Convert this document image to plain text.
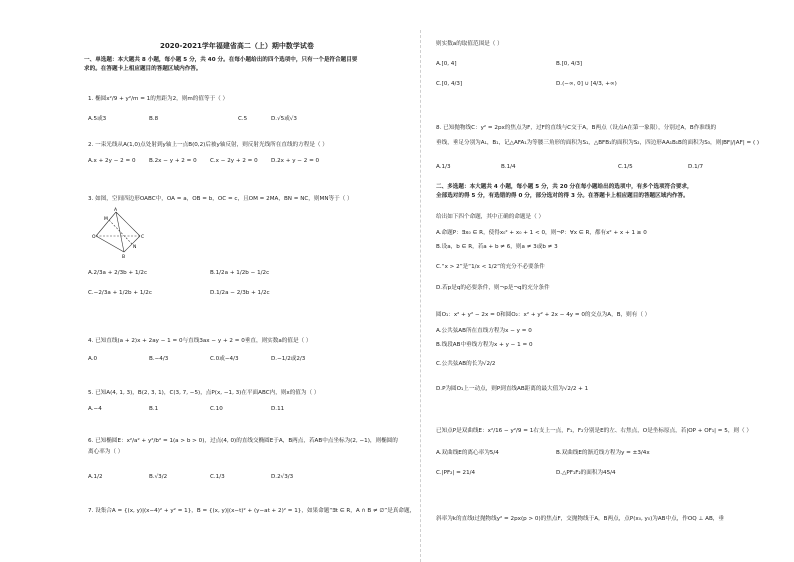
2020-2021学年福建省高二（上）期中数学试卷
一、单选题：本大题共 8 小题，每小题 5 分，共 40 分。在每小题给出的四个选项中，只有一个是符合题目要
求的。在答题卡上相应题目的答题区域内作答。
1. 椭圆x²/9 + y²/m = 1的焦距为2，则m的值等于（ ）
A.5或3	B.8	C.5	D.√5或√3
2. 一束光线从A(1,0)点处射到y轴上一点B(0,2)后被y轴反射，则反射光线所在直线的方程是（ ）
A.x + 2y − 2 = 0 B.2x − y + 2 = 0 C.x − 2y + 2 = 0 D.2x + y − 2 = 0
3. 如图，空间四边形OABC中，OA = a，OB = b，OC = c，且OM = 2MA，BN = NC，则MN等于（ ）
A
O	C
B
M
N
A.2/3a + 2/3b + 1/2c	B.1/2a + 1/2b − 1/2c
C.−2/3a + 1/2b + 1/2c	D.1/2a − 2/3b + 1/2c
4. 已知直线(a + 2)x + 2ay − 1 = 0与直线3ax − y + 2 = 0垂直，则实数a的值是（ ）
A.0	B.−4/3	C.0或−4/3	D.−1/2或2/3
5. 已知A(4, 1, 3)，B(2, 3, 1)，C(3, 7, −5)，点P(x, −1, 3)在平面ABC内，则x的值为（ ）
A.−4	B.1	C.10	D.11
6. 已知椭圆E：x²/a² + y²/b² = 1(a > b > 0)，过点(4, 0)的直线交椭圆E于A，B两点，若AB中点坐标为(2, −1)，则椭圆的
离心率为（ ）
A.1/2	B.√3/2	C.1/3	D.2√3/3
7. 设集合A = {(x, y)|(x−4)² + y² = 1}，B = {(x, y)|(x−t)² + (y−at + 2)² = 1}，如果命题“∃t ∈ R，A ∩ B ≠ ∅”是真命题，
则实数a的取值范围是（ ）
A.[0, 4]	B.[0, 4/3]
C.[0, 4/3]	D.(−∞, 0] ∪ [4/3, +∞)
8. 已知抛物线C：y² = 2px的焦点为F，过F的直线与C交于A，B两点（设点A在第一象限），分别过A，B作准线的
垂线，垂足分别为A₁，B₁，记△AFA₁为等腰三角形的面积为S₁，△BFB₁的面积为S₂，四边形AA₁B₁B的面积为S₃，则|BF|/|AF| = ( )
A.1/3	B.1/4	C.1/5	D.1/7
二、多选题：本大题共 4 小题，每小题 5 分，共 20 分在每小题给出的选项中，有多个选项符合要求，
全部选对的得 5 分，有选错的得 0 分，部分选对的得 3 分。在答题卡上相应题目的答题区域内作答。
给出如下四个命题，其中正确的命题是（ ）
A.命题P：∃x₀ ∈ R，使得x₀² + x₀ + 1 < 0，则¬P：∀x ∈ R，都有x² + x + 1 ≥ 0
B.设a，b ∈ R，若a + b ≠ 6，则a ≠ 3或b ≠ 3
C.“x > 2”是“1/x < 1/2”的充分不必要条件
D.若p是q的必要条件，则¬p是¬q的充分条件
圆O₁：x² + y² − 2x = 0和圆O₂：x² + y² + 2x − 4y = 0的交点为A，B，则有（ ）
A.公共弦AB所在直线方程为x − y = 0
B.线段AB中垂线方程为x + y − 1 = 0
C.公共弦AB的长为√2/2
D.P为圆O₁上一动点，则P到直线AB距离的最大值为√2/2 + 1
已知点P是双曲线E：x²/16 − y²/9 = 1右支上一点，F₁，F₂分别是E的左、右焦点，O是坐标原点，若|OP + OF₁| = 5，则（ ）
A.双曲线E的离心率为5/4	B.双曲线E的渐近线方程为y = ±3/4x
C.|PF₂| = 21/4	D.△PF₁F₂的面积为45/4
斜率为k的直线l过抛物线y² = 2px(p > 0)的焦点F，交抛物线于A，B两点，点P(x₀, y₀)为AB中点，作OQ ⊥ AB，垂
